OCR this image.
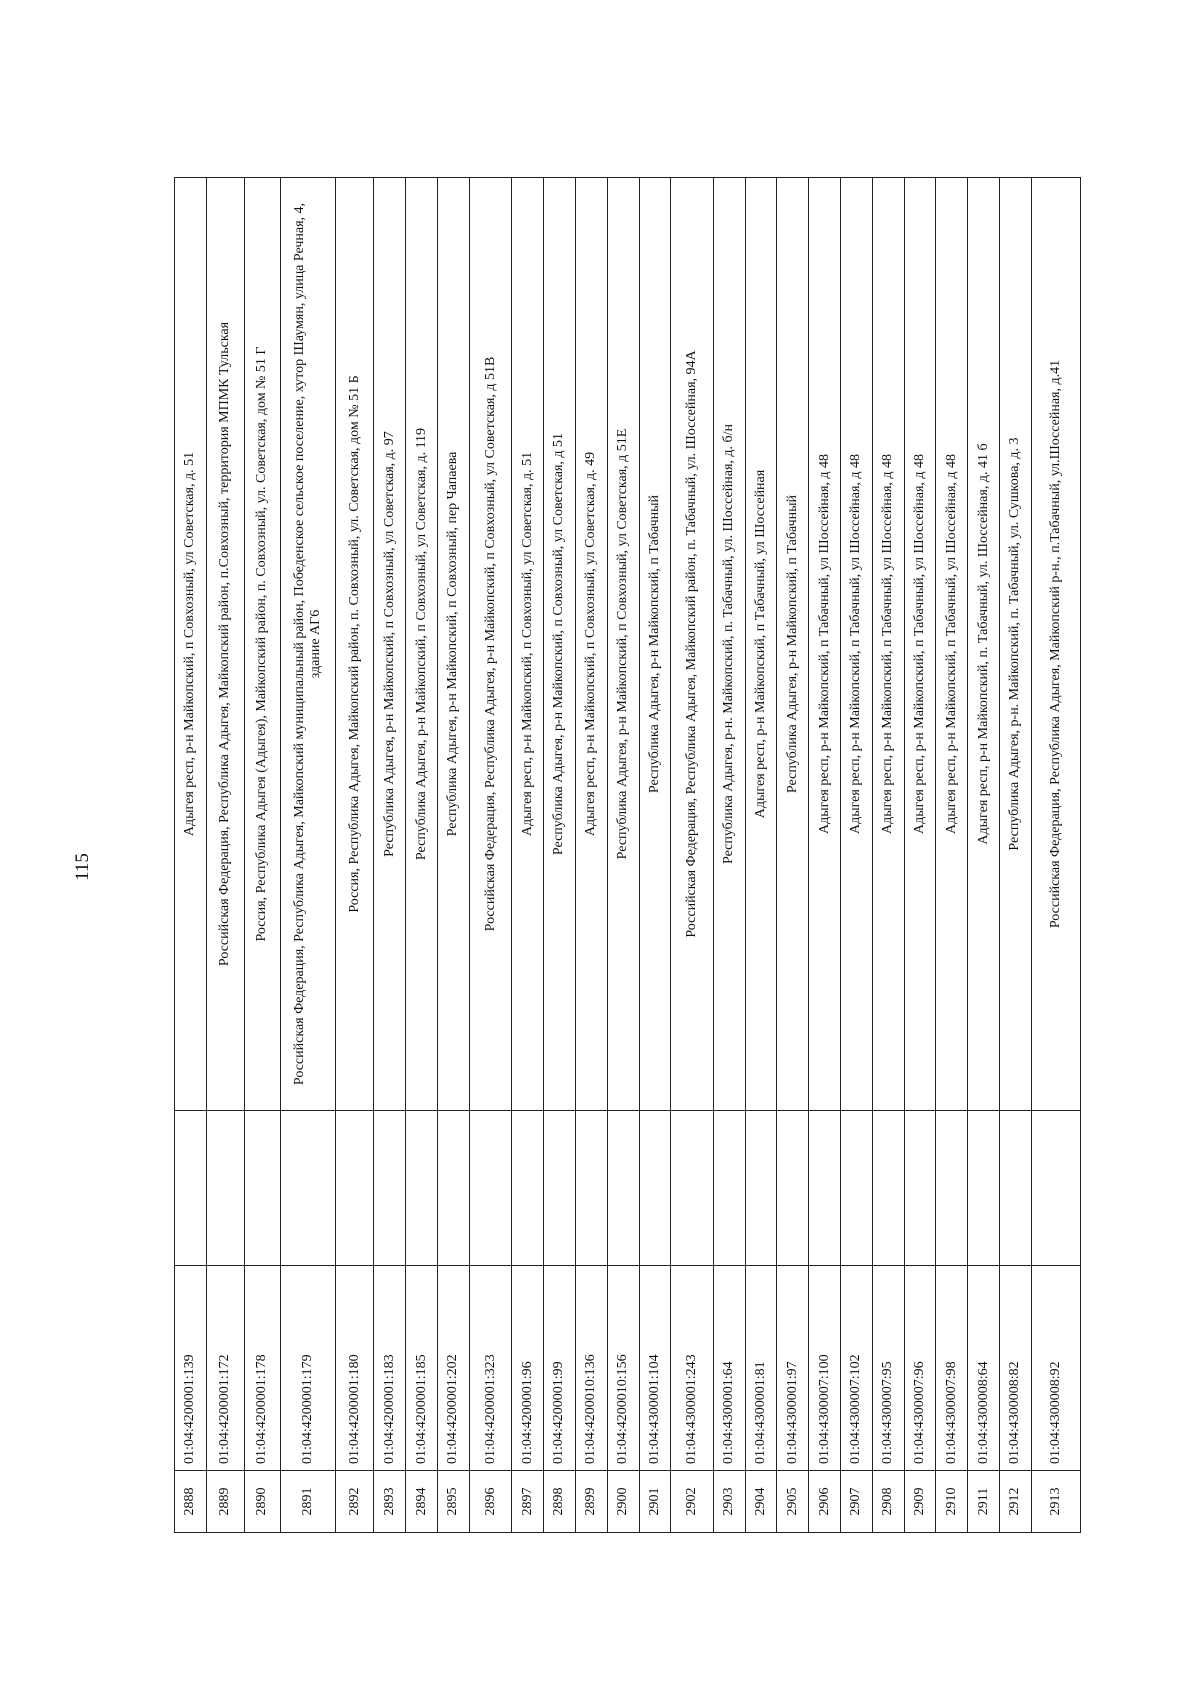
115
2888	01:04:4200001:139		Адыгея респ, р-н Майкопский, п Совхозный, ул Советская, д. 51
2889	01:04:4200001:172		Российская Федерация, Республика Адыгея, Майкопский район, п.Совхозный, территория МПМК Тульская
2890	01:04:4200001:178		Россия, Республика Адыгея (Адыгея), Майкопский район, п. Совхозный, ул. Советская, дом № 51 Г
2891	01:04:4200001:179		Российская Федерация, Республика Адыгея, Майкопский муниципальный район, Победенское сельское поселение, хутор Шаумян, улица Речная, 4, здание АГ6
2892	01:04:4200001:180		Россия, Республика Адыгея, Майкопский район, п. Совхозный, ул. Советская, дом № 51 Б
2893	01:04:4200001:183		Республика Адыгея, р-н Майкопский, п Совхозный, ул Советская, д. 97
2894	01:04:4200001:185		Республика Адыгея, р-н Майкопский, п Совхозный, ул Советская, д. 119
2895	01:04:4200001:202		Республика Адыгея, р-н Майкопский, п Совхозный, пер Чапаева
2896	01:04:4200001:323		Российская Федерация, Республика Адыгея, р-н Майкопский, п Совхозный, ул Советская, д 51В
2897	01:04:4200001:96		Адыгея респ, р-н Майкопский, п Совхозный, ул Советская, д. 51
2898	01:04:4200001:99		Республика Адыгея, р-н Майкопский, п Совхозный, ул Советская, д 51
2899	01:04:4200010:136		Адыгея респ, р-н Майкопский, п Совхозный, ул Советская, д. 49
2900	01:04:4200010:156		Республика Адыгея, р-н Майкопский, п Совхозный, ул Советская, д 51Е
2901	01:04:4300001:104		Республика Адыгея, р-н Майкопский, п Табачный
2902	01:04:4300001:243		Российская Федерация, Республика Адыгея, Майкопский район, п. Табачный, ул. Шоссейная, 94А
2903	01:04:4300001:64		Республика Адыгея, р-н. Майкопский, п. Табачный, ул. Шоссейная, д. б/н
2904	01:04:4300001:81		Адыгея респ, р-н Майкопский, п Табачный, ул Шоссейная
2905	01:04:4300001:97		Республика Адыгея, р-н Майкопский, п Табачный
2906	01:04:4300007:100		Адыгея респ, р-н Майкопский, п Табачный, ул Шоссейная, д 48
2907	01:04:4300007:102		Адыгея респ, р-н Майкопский, п Табачный, ул Шоссейная, д 48
2908	01:04:4300007:95		Адыгея респ, р-н Майкопский, п Табачный, ул Шоссейная, д 48
2909	01:04:4300007:96		Адыгея респ, р-н Майкопский, п Табачный, ул Шоссейная, д 48
2910	01:04:4300007:98		Адыгея респ, р-н Майкопский, п Табачный, ул Шоссейная, д 48
2911	01:04:4300008:64		Адыгея респ, р-н Майкопский, п. Табачный, ул. Шоссейная, д. 41 б
2912	01:04:4300008:82		Республика Адыгея, р-н. Майкопский, п. Табачный, ул. Сушкова, д. 3
2913	01:04:4300008:92		Российская Федерация, Республика Адыгея, Майкопский р-н., п.Табачный, ул.Шоссейная, д.41
